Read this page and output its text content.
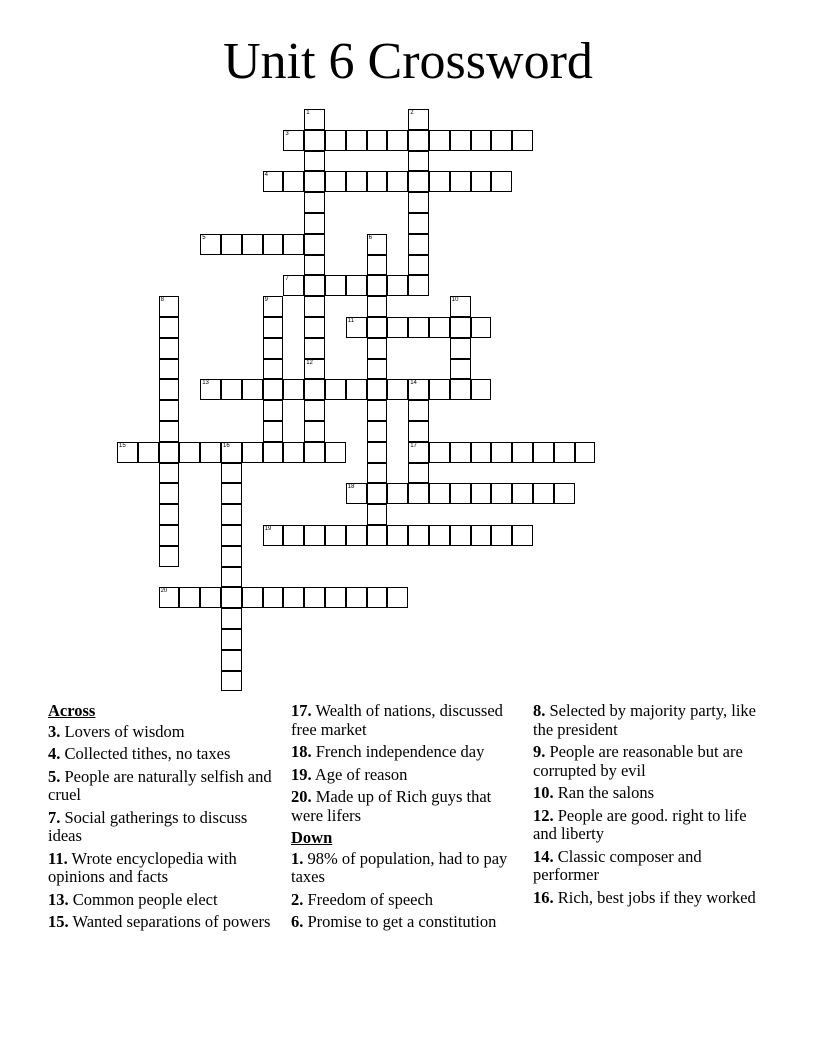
Unit 6 Crossword
3
4
5
7
11
13	14
15	16	17
18
19
20
1	2
6
8	9	10
12
Across
3. Lovers of wisdom
4. Collected tithes, no taxes
5. People are naturally selfish and cruel
7. Social gatherings to discuss ideas
11. Wrote encyclopedia with opinions and facts
13. Common people elect
15. Wanted separations of powers
17. Wealth of nations, discussed free market
18. French independence day
19. Age of reason
20. Made up of Rich guys that were lifers
Down
1. 98% of population, had to pay taxes
2. Freedom of speech
6. Promise to get a constitution
8. Selected by majority party, like the president
9. People are reasonable but are corrupted by evil
10. Ran the salons
12. People are good. right to life and liberty
14. Classic composer and performer
16. Rich, best jobs if they worked
